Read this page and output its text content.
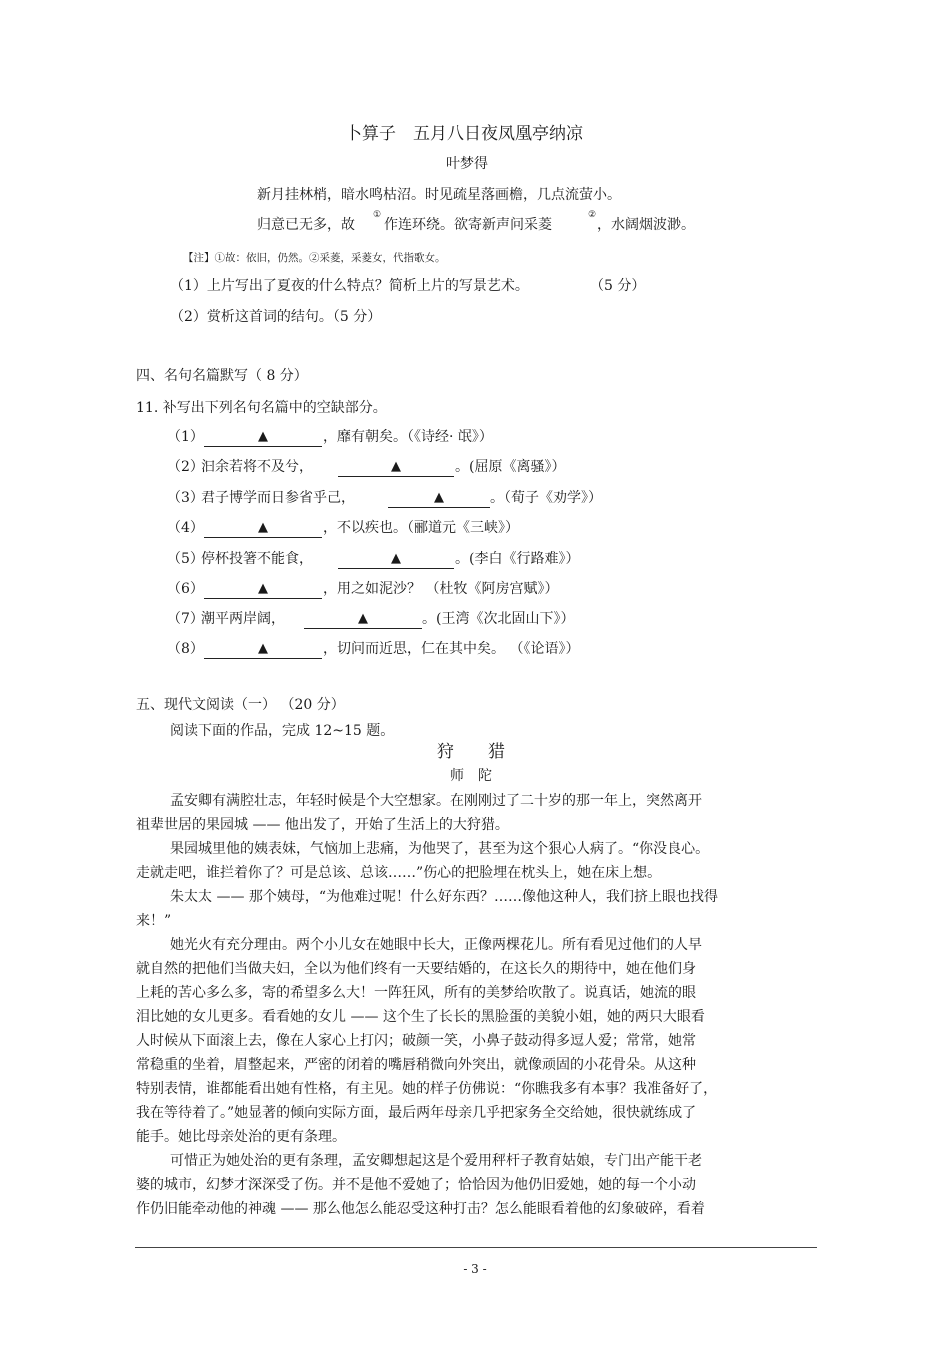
卜算子　五月八日夜凤凰亭纳凉
叶梦得
新月挂林梢，暗水鸣枯沼。时见疏星落画檐，几点流萤小。
归意已无多，故
①
作连环绕。欲寄新声问采菱
②
，水阔烟波渺。
【注】①故：依旧，仍然。②采菱，采菱女，代指歌女。
（1）上片写出了夏夜的什么特点？简析上片的写景艺术。	（5 分）
（2）赏析这首词的结句。（5 分）
四、名句名篇默写（ 8 分）
11. 补写出下列名句名篇中的空缺部分。
（1）	▲	，靡有朝矣。（《诗经· 氓》）
（2）
汩余若将不及兮，	▲	。(屈原《离骚》）
（3）
君子博学而日参省乎己，	▲	。（荀子《劝学》）
（4）	▲	，不以疾也。（郦道元《三峡》）
（5）
停杯投箸不能食，	▲	。(李白《行路难》）
（6）	▲	，用之如泥沙？ （杜牧《阿房宫赋》）
（7）
潮平两岸阔，	▲	。(王湾《次北固山下》）
（8）	▲	，切问而近思，仁在其中矣。 （《论语》）
五、现代文阅读（一） （20 分）
阅读下面的作品，完成 12~15 题。
狩　　猎
师　陀
孟安卿有满腔壮志，年轻时候是个大空想家。在刚刚过了二十岁的那一年上，突然离开
祖辈世居的果园城 —— 他出发了，开始了生活上的大狩猎。
果园城里他的姨表妹，气恼加上悲痛，为他哭了，甚至为这个狠心人病了。“你没良心。
走就走吧，谁拦着你了？可是总该、总该……”伤心的把脸埋在枕头上，她在床上想。
朱太太 —— 那个姨母，“为他难过呢！什么好东西？……像他这种人，我们挤上眼也找得
来！”
她光火有充分理由。两个小儿女在她眼中长大，正像两棵花儿。所有看见过他们的人早
就自然的把他们当做夫妇，全以为他们终有一天要结婚的，在这长久的期待中，她在他们身
上耗的苦心多么多，寄的希望多么大！一阵狂风，所有的美梦给吹散了。说真话，她流的眼
泪比她的女儿更多。看看她的女儿 —— 这个生了长长的黑脸蛋的美貌小姐，她的两只大眼看
人时候从下面滚上去，像在人家心上打闪；破颜一笑，小鼻子鼓动得多逗人爱；常常，她常
常稳重的坐着，眉整起来，严密的闭着的嘴唇稍微向外突出，就像顽固的小花骨朵。从这种
特别表情，谁都能看出她有性格，有主见。她的样子仿佛说：“你瞧我多有本事？我准备好了，
我在等待着了。”她显著的倾向实际方面，最后两年母亲几乎把家务全交给她，很快就练成了
能手。她比母亲处治的更有条理。
可惜正为她处治的更有条理，孟安卿想起这是个爱用秤杆子教育姑娘，专门出产能干老
婆的城市，幻梦才深深受了伤。并不是他不爱她了；恰恰因为他仍旧爱她，她的每一个小动
作仍旧能牵动他的神魂 —— 那么他怎么能忍受这种打击？怎么能眼看着他的幻象破碎，看着
- 3 -
